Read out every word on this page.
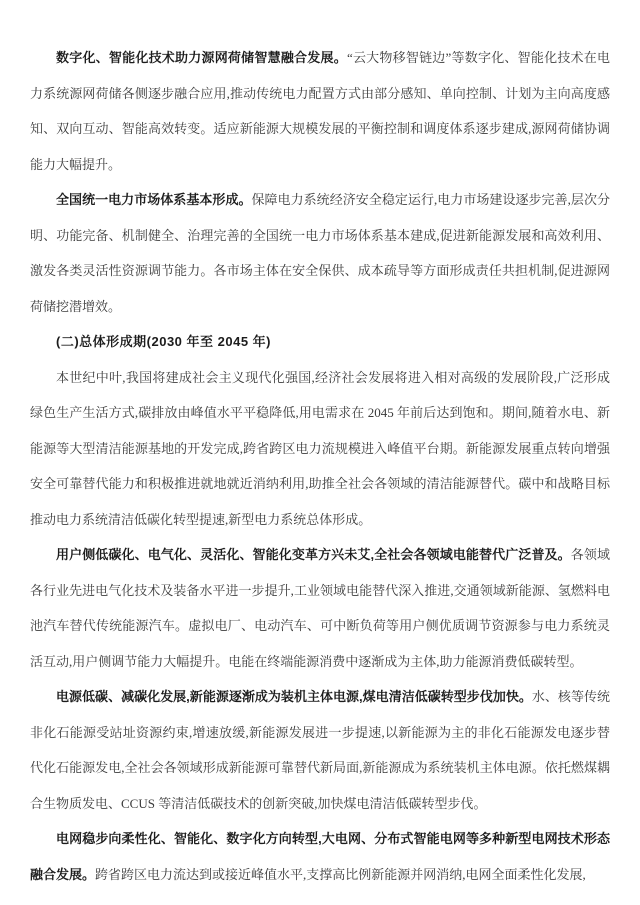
数字化、智能化技术助力源网荷储智慧融合发展。“云大物移智链边”等数字化、智能化技术在电力系统源网荷储各侧逐步融合应用,推动传统电力配置方式由部分感知、单向控制、计划为主向高度感知、双向互动、智能高效转变。适应新能源大规模发展的平衡控制和调度体系逐步建成,源网荷储协调能力大幅提升。

全国统一电力市场体系基本形成。保障电力系统经济安全稳定运行,电力市场建设逐步完善,层次分明、功能完备、机制健全、治理完善的全国统一电力市场体系基本建成,促进新能源发展和高效利用、激发各类灵活性资源调节能力。各市场主体在安全保供、成本疏导等方面形成责任共担机制,促进源网荷储挖潜增效。

(二)总体形成期(2030 年至 2045 年)

本世纪中叶,我国将建成社会主义现代化强国,经济社会发展将进入相对高级的发展阶段,广泛形成绿色生产生活方式,碳排放由峰值水平平稳降低,用电需求在 2045 年前后达到饱和。期间,随着水电、新能源等大型清洁能源基地的开发完成,跨省跨区电力流规模进入峰值平台期。新能源发展重点转向增强安全可靠替代能力和积极推进就地就近消纳利用,助推全社会各领域的清洁能源替代。碳中和战略目标推动电力系统清洁低碳化转型提速,新型电力系统总体形成。

用户侧低碳化、电气化、灵活化、智能化变革方兴未艾,全社会各领域电能替代广泛普及。各领域各行业先进电气化技术及装备水平进一步提升,工业领域电能替代深入推进,交通领域新能源、氢燃料电池汽车替代传统能源汽车。虚拟电厂、电动汽车、可中断负荷等用户侧优质调节资源参与电力系统灵活互动,用户侧调节能力大幅提升。电能在终端能源消费中逐渐成为主体,助力能源消费低碳转型。

电源低碳、减碳化发展,新能源逐渐成为装机主体电源,煤电清洁低碳转型步伐加快。水、核等传统非化石能源受站址资源约束,增速放缓,新能源发展进一步提速,以新能源为主的非化石能源发电逐步替代化石能源发电,全社会各领域形成新能源可靠替代新局面,新能源成为系统装机主体电源。依托燃煤耦合生物质发电、CCUS 等清洁低碳技术的创新突破,加快煤电清洁低碳转型步伐。

电网稳步向柔性化、智能化、数字化方向转型,大电网、分布式智能电网等多种新型电网技术形态融合发展。跨省跨区电力流达到或接近峰值水平,支撑高比例新能源并网消纳,电网全面柔性化发展,
